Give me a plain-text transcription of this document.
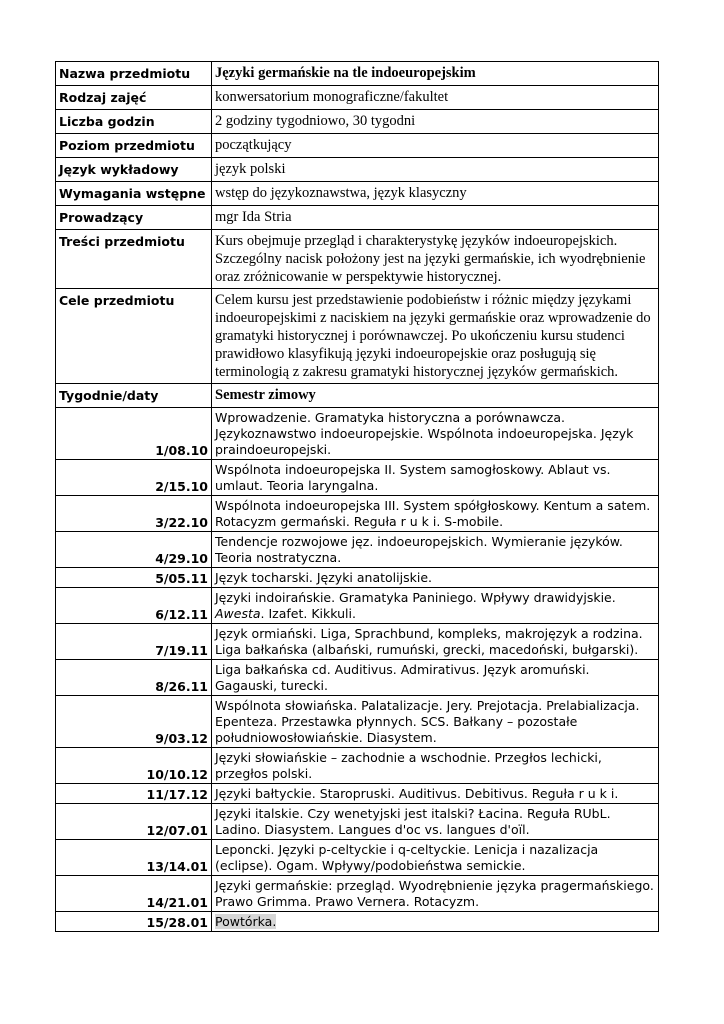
Nazwa przedmiotu	Języki germańskie na tle indoeuropejskim
Rodzaj zajęć	konwersatorium monograficzne/fakultet
Liczba godzin	2 godziny tygodniowo, 30 tygodni
Poziom przedmiotu	początkujący
Język wykładowy	język polski
Wymagania wstępne	wstęp do językoznawstwa, język klasyczny
Prowadzący	mgr Ida Stria
Treści przedmiotu	Kurs obejmuje przegląd i charakterystykę języków indoeuropejskich. Szczególny nacisk położony jest na języki germańskie, ich wyodrębnienie oraz zróżnicowanie w perspektywie historycznej.
Cele przedmiotu	Celem kursu jest przedstawienie podobieństw i różnic między językami indoeuropejskimi z naciskiem na języki germańskie oraz wprowadzenie do gramatyki historycznej i porównawczej. Po ukończeniu kursu studenci prawidłowo klasyfikują języki indoeuropejskie oraz posługują się terminologią z zakresu gramatyki historycznej języków germańskich.
Tygodnie/daty	Semestr zimowy
1/08.10	Wprowadzenie. Gramatyka historyczna a porównawcza. Językoznawstwo indoeuropejskie. Wspólnota indoeuropejska. Język praindoeuropejski.
2/15.10	Wspólnota indoeuropejska II. System samogłoskowy. Ablaut vs. umlaut. Teoria laryngalna.
3/22.10	Wspólnota indoeuropejska III. System spółgłoskowy. Kentum a satem. Rotacyzm germański. Reguła r u k i. S-mobile.
4/29.10	Tendencje rozwojowe jęz. indoeuropejskich. Wymieranie języków. Teoria nostratyczna.
5/05.11	Język tocharski. Języki anatolijskie.
6/12.11	Języki indoirańskie. Gramatyka Paniniego. Wpływy drawidyjskie. Awesta. Izafet. Kikkuli.
7/19.11	Język ormiański. Liga, Sprachbund, kompleks, makrojęzyk a rodzina. Liga bałkańska (albański, rumuński, grecki, macedoński, bułgarski).
8/26.11	Liga bałkańska cd. Auditivus. Admirativus. Język aromuński. Gagauski, turecki.
9/03.12	Wspólnota słowiańska. Palatalizacje. Jery. Prejotacja. Prelabializacja. Epenteza. Przestawka płynnych. SCS. Bałkany – pozostałe południowosłowiańskie. Diasystem.
10/10.12	Języki słowiańskie – zachodnie a wschodnie. Przegłos lechicki, przegłos polski.
11/17.12	Języki bałtyckie. Staropruski. Auditivus. Debitivus. Reguła r u k i.
12/07.01	Języki italskie. Czy wenetyjski jest italski? Łacina. Reguła RUbL. Ladino. Diasystem. Langues d'oc vs. langues d'oïl.
13/14.01	Leponcki. Języki p-celtyckie i q-celtyckie. Lenicja i nazalizacja (eclipse). Ogam. Wpływy/podobieństwa semickie.
14/21.01	Języki germańskie: przegląd. Wyodrębnienie języka pragermańskiego. Prawo Grimma. Prawo Vernera. Rotacyzm.
15/28.01	Powtórka.
